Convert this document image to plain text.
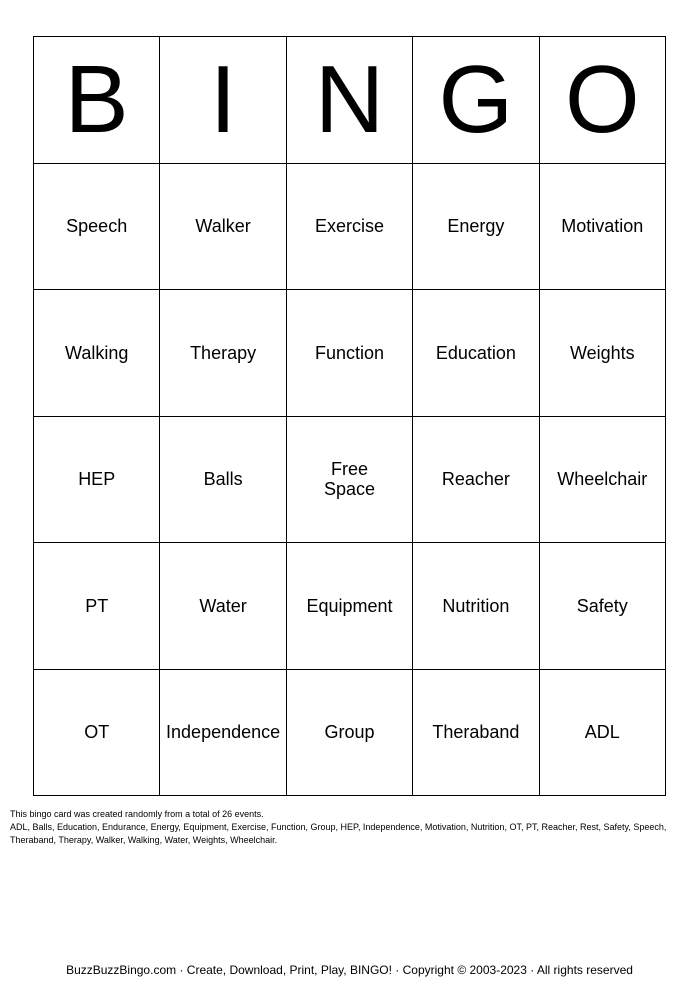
B I N G O
Speech	Walker	Exercise	Energy	Motivation
Walking	Therapy	Function	Education	Weights
HEP	Balls	Free Space	Reacher	Wheelchair
PT	Water	Equipment	Nutrition	Safety
OT	Independence	Group	Theraband	ADL

This bingo card was created randomly from a total of 26 events.

ADL, Balls, Education, Endurance, Energy, Equipment, Exercise, Function, Group, HEP, Independence, Motivation, Nutrition, OT, PT, Reacher, Rest, Safety, Speech, Theraband, Therapy, Walker, Walking, Water, Weights, Wheelchair.

BuzzBuzzBingo.com · Create, Download, Print, Play, BINGO! · Copyright © 2003-2023 · All rights reserved
